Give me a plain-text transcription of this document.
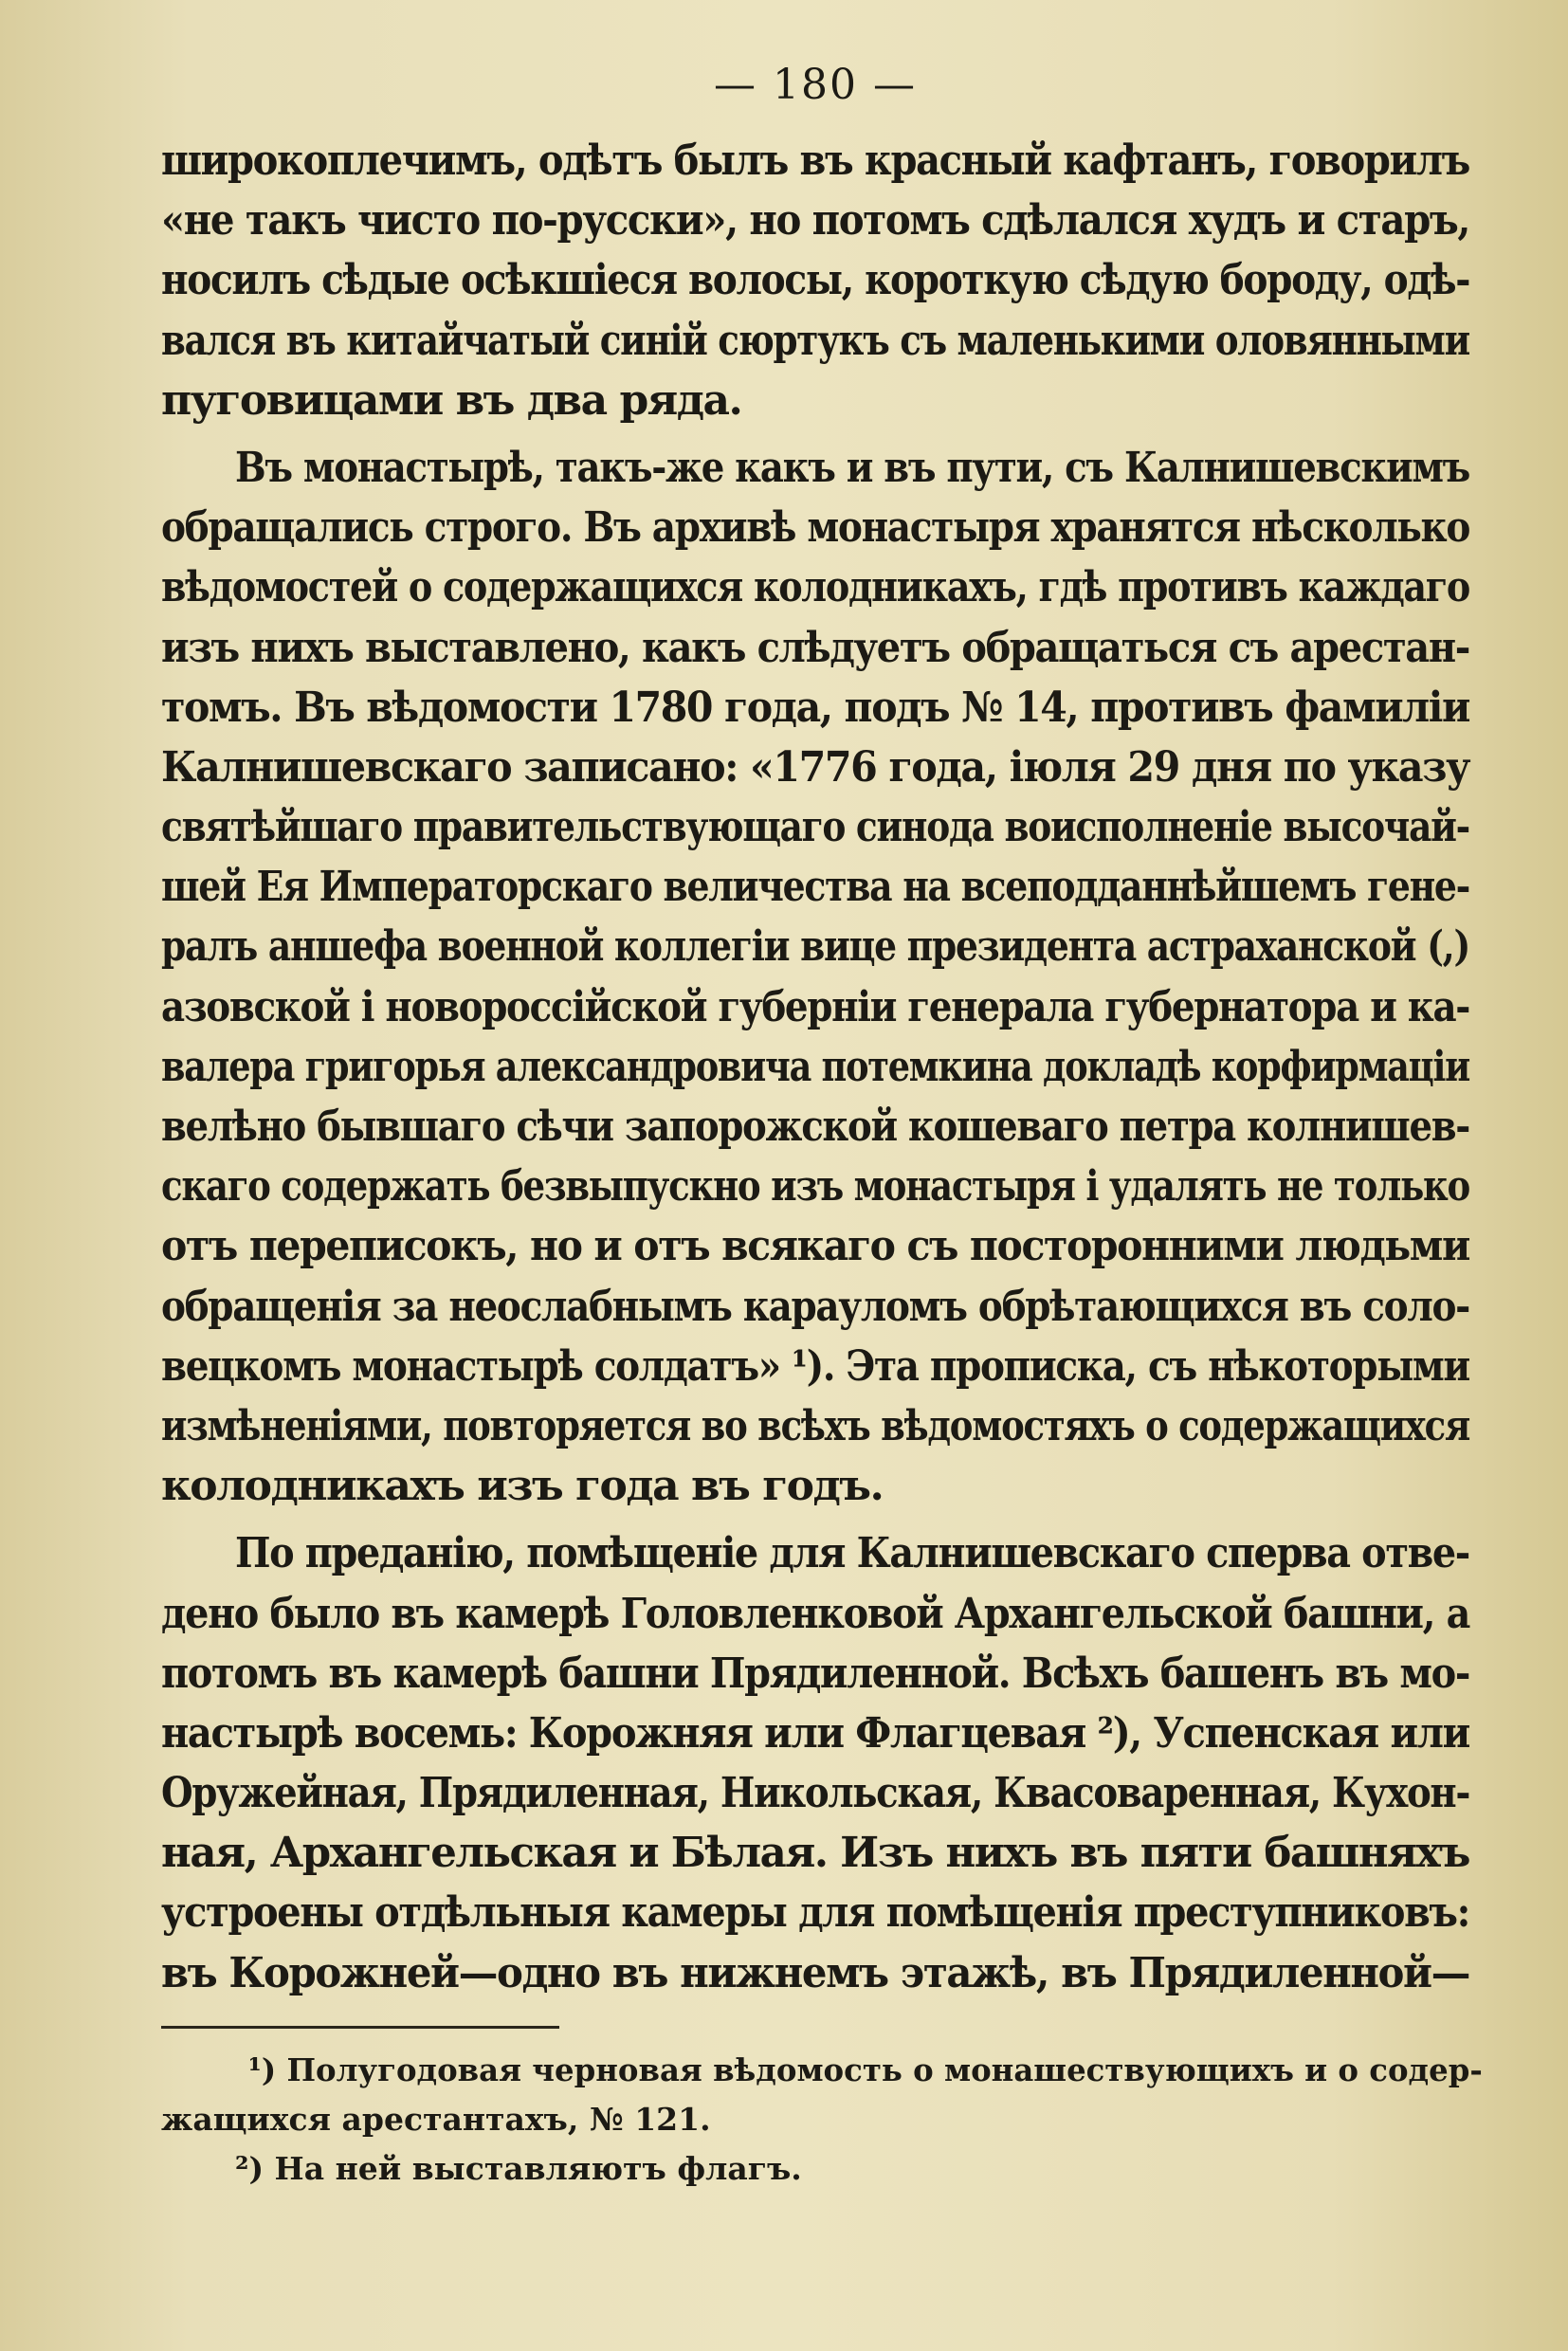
— 180 —
широкоплечимъ, одѣтъ былъ въ красный кафтанъ, говорилъ
«не такъ чисто по-русски», но потомъ сдѣлался худъ и старъ,
носилъ сѣдые осѣкшіеся волосы, короткую сѣдую бороду, одѣ-
вался въ китайчатый синій сюртукъ съ маленькими оловянными
пуговицами въ два ряда.
Въ монастырѣ, такъ-же какъ и въ пути, съ Калнишевскимъ
обращались строго. Въ архивѣ монастыря хранятся нѣсколько
вѣдомостей о содержащихся колодникахъ, гдѣ противъ каждаго
изъ нихъ выставлено, какъ слѣдуетъ обращаться съ арестан-
томъ. Въ вѣдомости 1780 года, подъ № 14, противъ фамиліи
Калнишевскаго записано: «1776 года, іюля 29 дня по указу
святѣйшаго правительствующаго синода воисполненіе высочай-
шей Ея Императорскаго величества на всеподданнѣйшемъ гене-
ралъ аншефа военной коллегіи вице президента астраханской (,)
азовской і новороссійской губерніи генерала губернатора и ка-
валера григорья александровича потемкина докладѣ корфирмаціи
велѣно бывшаго сѣчи запорожской кошеваго петра колнишев-
скаго содержать безвыпускно изъ монастыря і удалять не только
отъ переписокъ, но и отъ всякаго съ посторонними людьми
обращенія за неослабнымъ карауломъ обрѣтающихся въ соло-
вецкомъ монастырѣ солдатъ» ¹). Эта прописка, съ нѣкоторыми
измѣненіями, повторяется во всѣхъ вѣдомостяхъ о содержащихся
колодникахъ изъ года въ годъ.
По преданію, помѣщеніе для Калнишевскаго сперва отве-
дено было въ камерѣ Головленковой Архангельской башни, а
потомъ въ камерѣ башни Прядиленной. Всѣхъ башенъ въ мо-
настырѣ восемь: Корожняя или Флагцевая ²), Успенская или
Оружейная, Прядиленная, Никольская, Квасоваренная, Кухон-
ная, Архангельская и Бѣлая. Изъ нихъ въ пяти башняхъ
устроены отдѣльныя камеры для помѣщенія преступниковъ:
въ Корожней—одно въ нижнемъ этажѣ, въ Прядиленной—
¹) Полугодовая черновая вѣдомость о монашествующихъ и о содер-
жащихся арестантахъ, № 121.
²) На ней выставляютъ флагъ.
